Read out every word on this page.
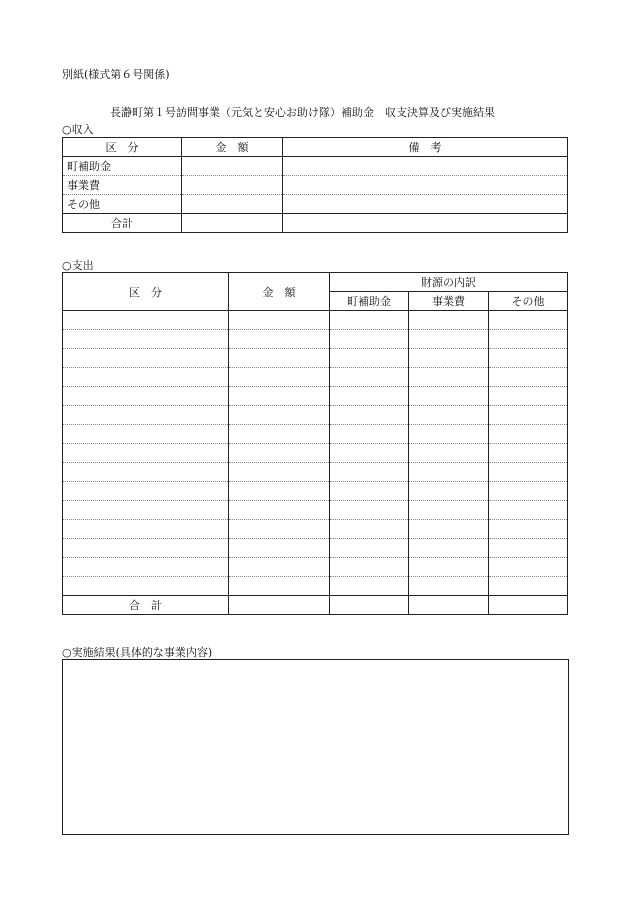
別紙(様式第６号関係)
長瀞町第１号訪問事業（元気と安心お助け隊）補助金　収支決算及び実施結果
○収入
区　分	金　額	備　考
町補助金		
事業費		
その他		
合計		
○支出
区　分	金　額	財源の内訳		
		町補助金	事業費	その他

合　計				
○実施結果(具体的な事業内容)
